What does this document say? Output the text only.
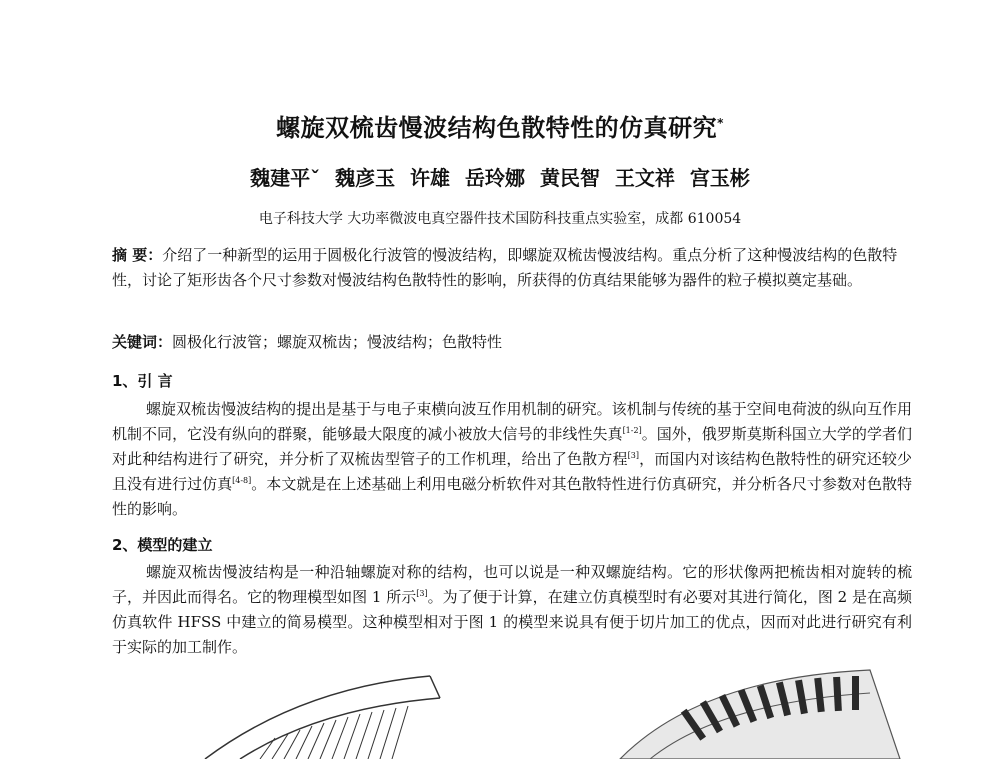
螺旋双梳齿慢波结构色散特性的仿真研究*
魏建平ˇ 魏彦玉 许雄 岳玲娜 黄民智 王文祥 宫玉彬
电子科技大学 大功率微波电真空器件技术国防科技重点实验室，成都 610054
摘 要：介绍了一种新型的运用于圆极化行波管的慢波结构，即螺旋双梳齿慢波结构。重点分析了这种慢波结构的色散特性，讨论了矩形齿各个尺寸参数对慢波结构色散特性的影响，所获得的仿真结果能够为器件的粒子模拟奠定基础。
关键词：圆极化行波管；螺旋双梳齿；慢波结构；色散特性
1、引 言
螺旋双梳齿慢波结构的提出是基于与电子束横向波互作用机制的研究。该机制与传统的基于空间电荷波的纵向互作用机制不同，它没有纵向的群聚，能够最大限度的减小被放大信号的非线性失真[1-2]。国外，俄罗斯莫斯科国立大学的学者们对此种结构进行了研究，并分析了双梳齿型管子的工作机理，给出了色散方程[3]，而国内对该结构色散特性的研究还较少且没有进行过仿真[4-8]。本文就是在上述基础上利用电磁分析软件对其色散特性进行仿真研究，并分析各尺寸参数对色散特性的影响。
2、模型的建立
螺旋双梳齿慢波结构是一种沿轴螺旋对称的结构，也可以说是一种双螺旋结构。它的形状像两把梳齿相对旋转的梳子，并因此而得名。它的物理模型如图 1 所示[3]。为了便于计算，在建立仿真模型时有必要对其进行简化，图 2 是在高频仿真软件 HFSS 中建立的简易模型。这种模型相对于图 1 的模型来说具有便于切片加工的优点，因而对此进行研究有利于实际的加工制作。
